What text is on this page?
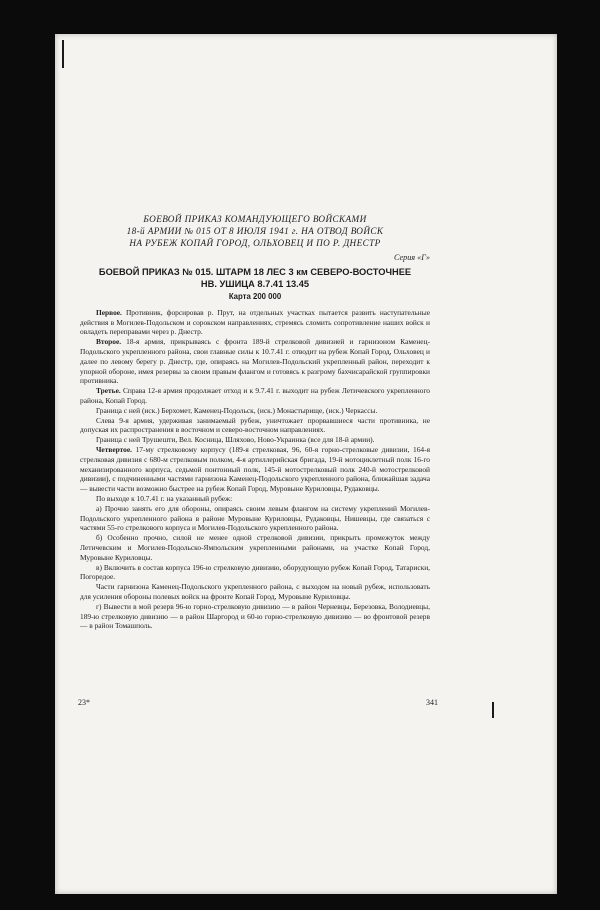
БОЕВОЙ ПРИКАЗ КОМАНДУЮЩЕГО ВОЙСКАМИ
18-й АРМИИ № 015 ОТ 8 ИЮЛЯ 1941 г. НА ОТВОД ВОЙСК
НА РУБЕЖ КОПАЙ ГОРОД, ОЛЬХОВЕЦ И ПО Р. ДНЕСТР
Серия «Г»
БОЕВОЙ ПРИКАЗ № 015. ШТАРМ 18 ЛЕС 3 км СЕВЕРО-ВОСТОЧНЕЕ
НВ. УШИЦА 8.7.41 13.45
Карта 200 000

Первое. Противник, форсировав р. Прут, на отдельных участках пытается развить наступательные действия в Могилев-Подольском и сорокском направлениях, стремясь сломить сопротивление наших войск и овладеть переправами через р. Днестр.

Второе. 18-я армия, прикрываясь с фронта 189-й стрелковой дивизией и гарнизоном Каменец-Подольского укрепленного района, свои главные силы к 10.7.41 г. отводит на рубеж Копай Город, Ольховец и далее по левому берегу р. Днестр, где, опираясь на Могилев-Подольский укрепленный район, переходит к упорной обороне, имея резервы за своим правым флангом и готовясь к разгрому бахчисарайской группировки противника.

Третье. Справа 12-я армия продолжает отход и к 9.7.41 г. выходит на рубеж Летичевского укрепленного района, Копай Город.

Граница с ней (иск.) Берхомет, Каменец-Подольск, (иск.) Монастырище, (иск.) Черкассы.

Слева 9-я армия, удерживая занимаемый рубеж, уничтожает прорвавшиеся части противника, не допуская их распространения в восточном и северо-восточном направлениях.

Граница с ней Трушешти, Вел. Косница, Шляхово, Ново-Украинка (все для 18-й армии).

Четвертое. 17-му стрелковому корпусу (189-я стрелковая, 96, 60-я горно-стрелковые дивизии, 164-я стрелковая дивизия с 680-м стрелковым полком, 4-я артиллерийская бригада, 19-й мотоциклетный полк 16-го механизированного корпуса, седьмой понтонный полк, 145-й мотострелковый полк 240-й мотострелковой дивизии), с подчиненными частями гарнизона Каменец-Подольского укрепленного района, ближайшая задача — вывести части возможно быстрее на рубеж Копай Город, Муровыне Куриловцы, Рудаковцы.

По выходе к 10.7.41 г. на указанный рубеж:

а) Прочно занять его для обороны, опираясь своим левым флангом на систему укреплений Могилев-Подольского укрепленного района в районе Муровыне Куриловцы, Рудаковцы, Нишевцы, где связаться с частями 55-го стрелкового корпуса и Могилев-Подольского укрепленного района.

б) Особенно прочно, силой не менее одной стрелковой дивизии, прикрыть промежуток между Летичевским и Могилев-Подольско-Ямпольским укрепленными районами, на участке Копай Город, Муровыне Куриловцы.

в) Включить в состав корпуса 196-ю стрелковую дивизию, оборудующую рубеж Копай Город, Татариски, Погоредое.

Части гарнизона Каменец-Подольского укрепленного района, с выходом на новый рубеж, использовать для усиления обороны полевых войск на фронте Копай Город, Муровыне Куриловцы.

г) Вывести в мой резерв 96-ю горно-стрелковую дивизию — в район Черневцы, Березовка, Володиевцы, 189-ю стрелковую дивизию — в район Шаргород и 60-ю горно-стрелковую дивизию — во фронтовой резерв — в район Томашполь.

23*	341
